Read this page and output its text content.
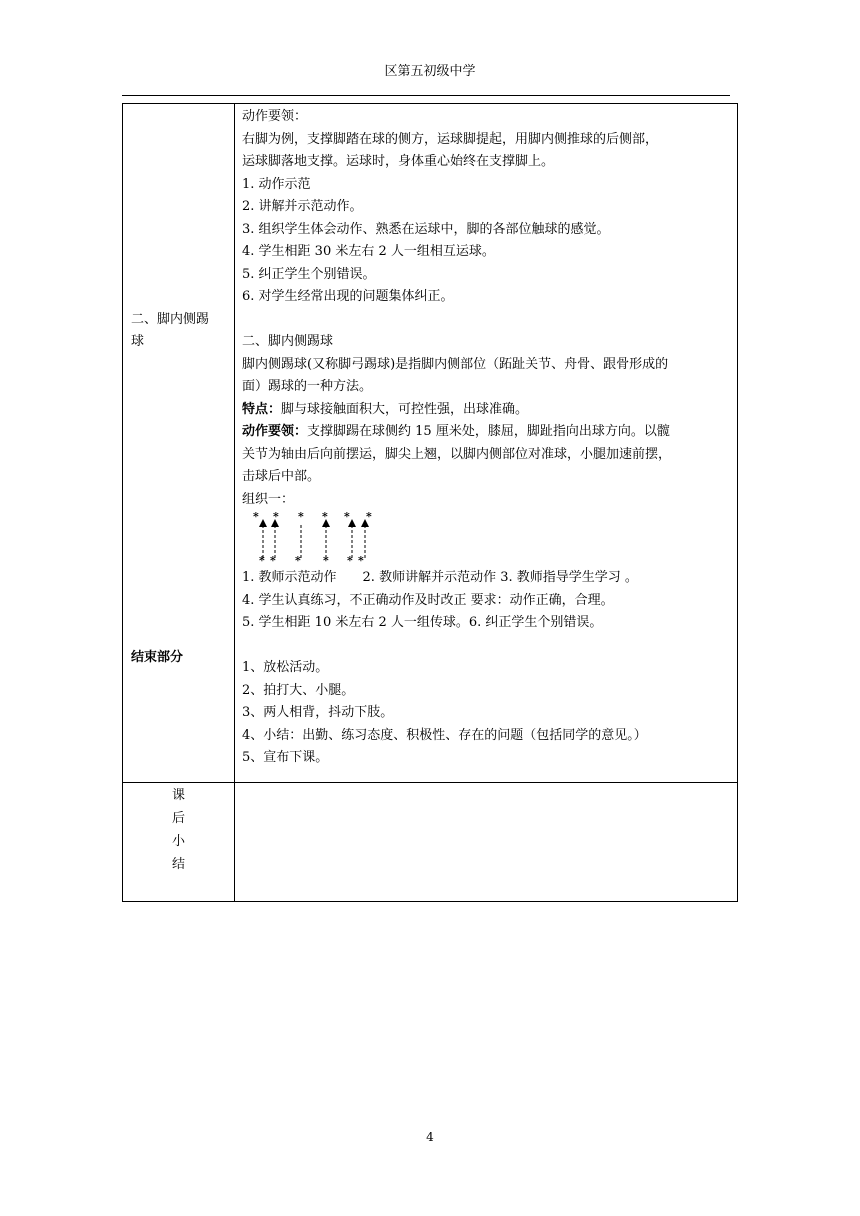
区第五初级中学
二、脚内侧踢
球
结束部分

动作要领：

右脚为例，支撑脚踏在球的侧方，运球脚提起，用脚内侧推球的后侧部，

运球脚落地支撑。运球时，身体重心始终在支撑脚上。

1. 动作示范

2. 讲解并示范动作。

3. 组织学生体会动作、熟悉在运球中，脚的各部位触球的感觉。

4. 学生相距 30 米左右 2 人一组相互运球。

5. 纠正学生个别错误。

6. 对学生经常出现的问题集体纠正。

二、脚内侧踢球

脚内侧踢球(又称脚弓踢球)是指脚内侧部位（跖趾关节、舟骨、跟骨形成的

面）踢球的一种方法。

特点：脚与球接触面积大，可控性强，出球准确。

动作要领：支撑脚踼在球侧约 15 厘米处，膝屈，脚趾指向出球方向。以髋

关节为轴由后向前摆运，脚尖上翘，以脚内侧部位对准球，小腿加速前摆，

击球后中部。

组织一：

* * * * * *
* * * * * *

1. 教师示范动作　　2. 教师讲解并示范动作 3. 教师指导学生学习 。

4. 学生认真练习，不正确动作及时改正 要求：动作正确，合理。

5. 学生相距 10 米左右 2 人一组传球。6. 纠正学生个别错误。

1、放松活动。

2、拍打大、小腿。

3、两人相背，抖动下肢。

4、小结：出勤、练习态度、积极性、存在的问题（包括同学的意见。）

5、宣布下课。

课
后
小
结
4
